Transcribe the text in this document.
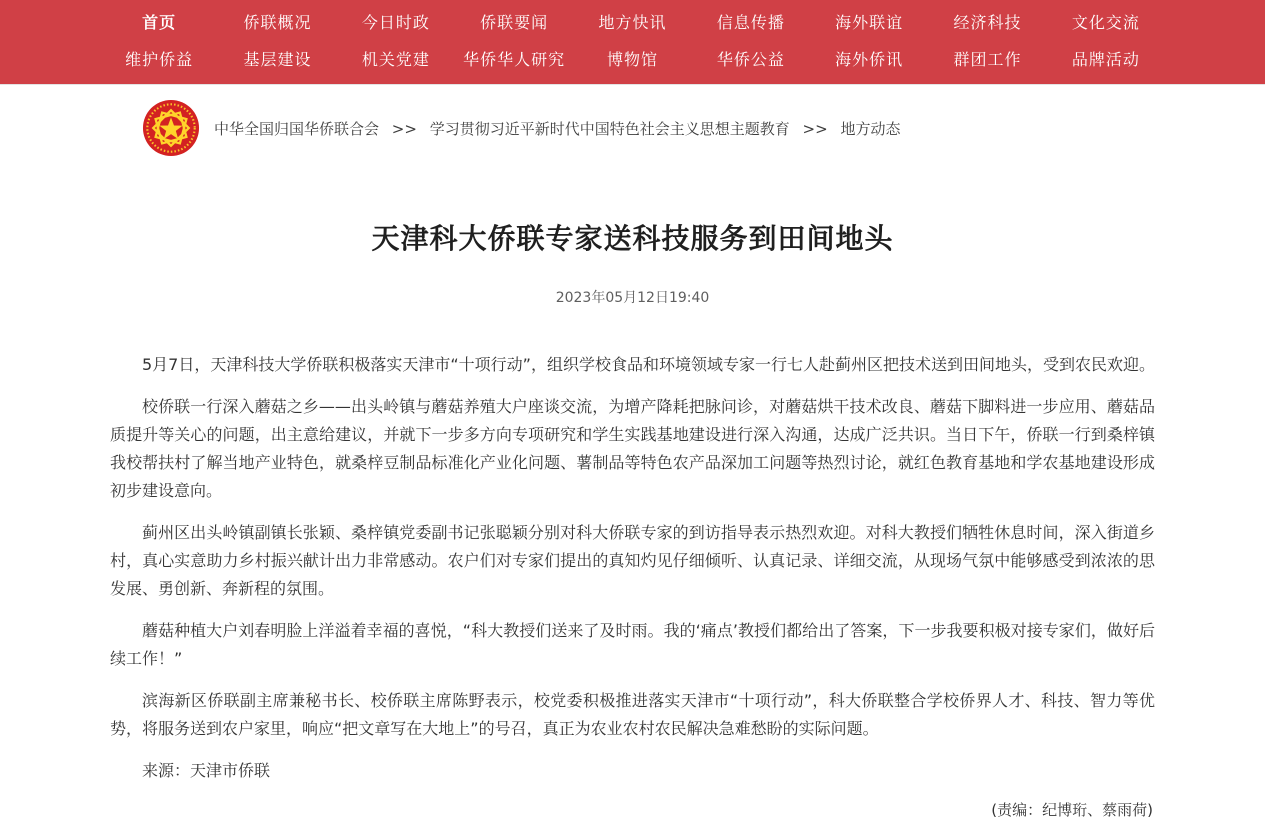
首页	侨联概况	今日时政	侨联要闻	地方快讯	信息传播	海外联谊	经济科技	文化交流
维护侨益	基层建设	机关党建	华侨华人研究	博物馆	华侨公益	海外侨讯	群团工作	品牌活动
中华全国归国华侨联合会 >> 学习贯彻习近平新时代中国特色社会主义思想主题教育 >> 地方动态
天津科大侨联专家送科技服务到田间地头
2023年05月12日19:40

5月7日，天津科技大学侨联积极落实天津市“十项行动”，组织学校食品和环境领域专家一行七人赴蓟州区把技术送到田间地头，受到农民欢迎。

校侨联一行深入蘑菇之乡——出头岭镇与蘑菇养殖大户座谈交流，为增产降耗把脉问诊，对蘑菇烘干技术改良、蘑菇下脚料进一步应用、蘑菇品质提升等关心的问题，出主意给建议，并就下一步多方向专项研究和学生实践基地建设进行深入沟通，达成广泛共识。当日下午，侨联一行到桑梓镇我校帮扶村了解当地产业特色，就桑梓豆制品标准化产业化问题、薯制品等特色农产品深加工问题等热烈讨论，就红色教育基地和学农基地建设形成初步建设意向。

蓟州区出头岭镇副镇长张颖、桑梓镇党委副书记张聪颖分别对科大侨联专家的到访指导表示热烈欢迎。对科大教授们牺牲休息时间，深入街道乡村，真心实意助力乡村振兴献计出力非常感动。农户们对专家们提出的真知灼见仔细倾听、认真记录、详细交流，从现场气氛中能够感受到浓浓的思发展、勇创新、奔新程的氛围。

蘑菇种植大户刘春明脸上洋溢着幸福的喜悦，“科大教授们送来了及时雨。我的‘痛点’教授们都给出了答案，下一步我要积极对接专家们，做好后续工作！”

滨海新区侨联副主席兼秘书长、校侨联主席陈野表示，校党委积极推进落实天津市“十项行动”，科大侨联整合学校侨界人才、科技、智力等优势，将服务送到农户家里，响应“把文章写在大地上”的号召，真正为农业农村农民解决急难愁盼的实际问题。

来源：天津市侨联

(责编：纪博珩、蔡雨荷)
